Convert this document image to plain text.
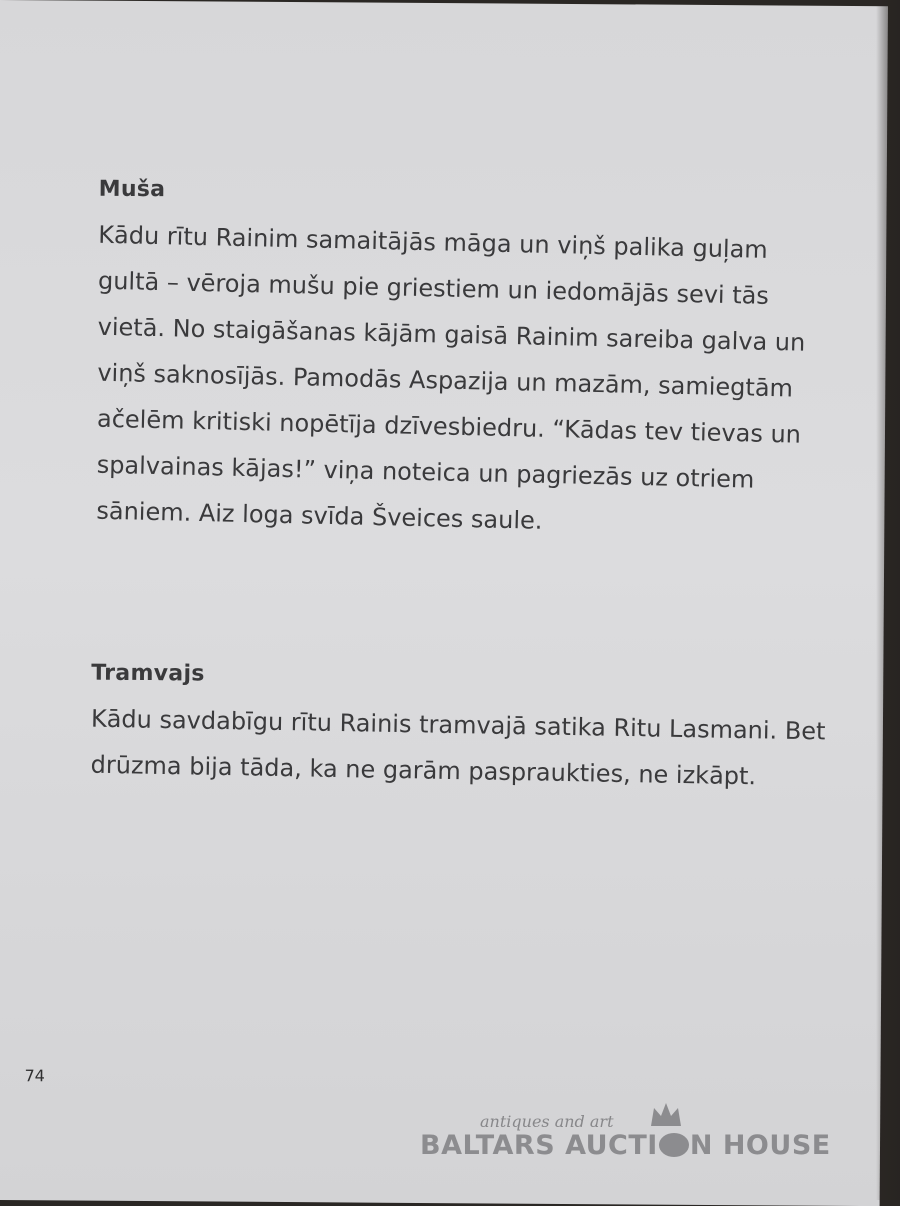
Muša
Kādu rītu Rainim samaitājās māga un viņš palika guļam
gultā – vēroja mušu pie griestiem un iedomājās sevi tās
vietā. No staigāšanas kājām gaisā Rainim sareiba galva un
viņš saknosījās. Pamodās Aspazija un mazām, samiegtām
ačelēm kritiski nopētīja dzīvesbiedru. “Kādas tev tievas un
spalvainas kājas!” viņa noteica un pagriezās uz otriem
sāniem. Aiz loga svīda Šveices saule.
Tramvajs
Kādu savdabīgu rītu Rainis tramvajā satika Ritu Lasmani. Bet
drūzma bija tāda, ka ne garām paspraukties, ne izkāpt.
74
antiques and art
BALTARS AUCTI N HOUSE
